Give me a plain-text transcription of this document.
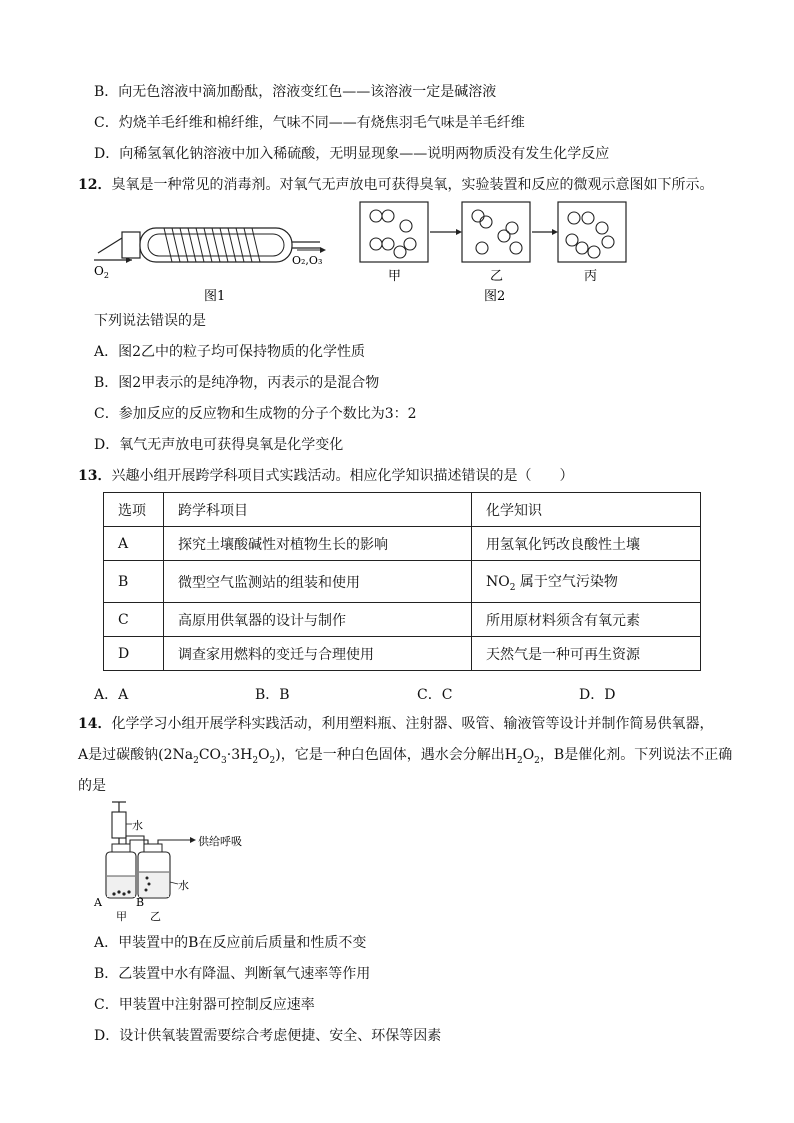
B．向无色溶液中滴加酚酞，溶液变红色——该溶液一定是碱溶液
C．灼烧羊毛纤维和棉纤维，气味不同——有烧焦羽毛气味是羊毛纤维
D．向稀氢氧化钠溶液中加入稀硫酸，无明显现象——说明两物质没有发生化学反应
12．臭氧是一种常见的消毒剂。对氧气无声放电可获得臭氧，实验装置和反应的微观示意图如下所示。
$O_2$
O₂,O₃
图1
甲	乙	丙
图2
下列说法错误的是
A．图2乙中的粒子均可保持物质的化学性质
B．图2甲表示的是纯净物，丙表示的是混合物
C．参加反应的反应物和生成物的分子个数比为3：2
D．氧气无声放电可获得臭氧是化学变化
13．兴趣小组开展跨学科项目式实践活动。相应化学知识描述错误的是（　　）
选项	跨学科项目	化学知识
A	探究土壤酸碱性对植物生长的影响	用氢氧化钙改良酸性土壤
B	微型空气监测站的组装和使用	$NO_2$ 属于空气污染物
C	高原用供氧器的设计与制作	所用原材料须含有氧元素
D	调查家用燃料的变迁与合理使用	天然气是一种可再生资源
A．A	B．B	C．C	D．D
14．化学学习小组开展学科实践活动，利用塑料瓶、注射器、吸管、输液管等设计并制作简易供氧器，
A是过碳酸钠$(2Na_2CO_3\cdot 3H_2O_2)$，它是一种白色固体，遇水会分解出$H_2O_2$，B是催化剂。下列说法不正确
的是
水
供给呼吸
水
A	B
甲 乙
A．甲装置中的B在反应前后质量和性质不变
B．乙装置中水有降温、判断氧气速率等作用
C．甲装置中注射器可控制反应速率
D．设计供氧装置需要综合考虑便捷、安全、环保等因素
